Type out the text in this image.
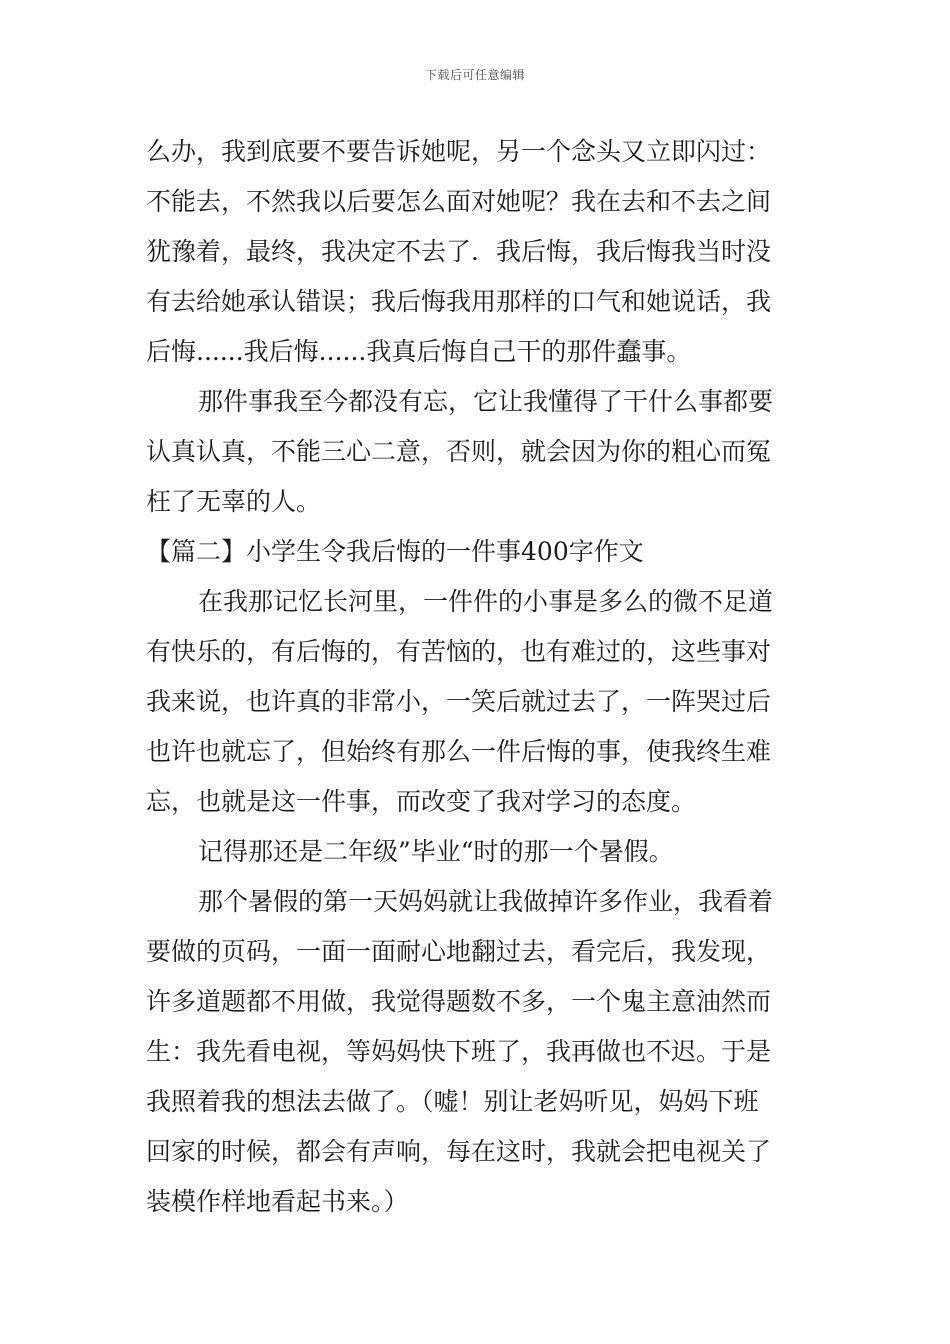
下载后可任意编辑
么办，我到底要不要告诉她呢，另一个念头又立即闪过：
不能去，不然我以后要怎么面对她呢？我在去和不去之间
犹豫着，最终，我决定不去了．我后悔，我后悔我当时没
有去给她承认错误；我后悔我用那样的口气和她说话，我
后悔......我后悔......我真后悔自己干的那件蠢事。
那件事我至今都没有忘，它让我懂得了干什么事都要
认真认真，不能三心二意，否则，就会因为你的粗心而冤
枉了无辜的人。
【篇二】小学生令我后悔的一件事400字作文
在我那记忆长河里，一件件的小事是多么的微不足道
有快乐的，有后悔的，有苦恼的，也有难过的，这些事对
我来说，也许真的非常小，一笑后就过去了，一阵哭过后
也许也就忘了，但始终有那么一件后悔的事，使我终生难
忘，也就是这一件事，而改变了我对学习的态度。
记得那还是二年级”毕业“时的那一个暑假。
那个暑假的第一天妈妈就让我做掉许多作业，我看着
要做的页码，一面一面耐心地翻过去，看完后，我发现，
许多道题都不用做，我觉得题数不多，一个鬼主意油然而
生：我先看电视，等妈妈快下班了，我再做也不迟。于是
我照着我的想法去做了。（嘘！别让老妈听见，妈妈下班
回家的时候，都会有声响，每在这时，我就会把电视关了
装模作样地看起书来。）
